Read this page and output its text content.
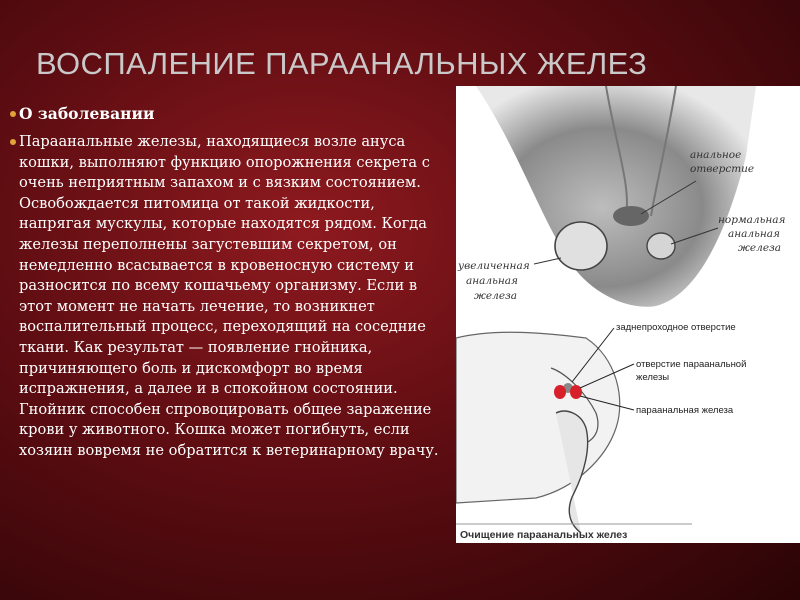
ВОСПАЛЕНИЕ ПАРААНАЛЬНЫХ ЖЕЛЕЗ
О заболевании
Параанальные железы, находящиеся возле ануса кошки, выполняют функцию опорожнения секрета с очень неприятным запахом и с вязким состоянием. Освобождается питомица от такой жидкости, напрягая мускулы, которые находятся рядом. Когда железы переполнены загустевшим секретом, он немедленно всасывается в кровеносную систему и разносится по всему кошачьему организму. Если в этот момент не начать лечение, то возникнет воспалительный процесс, переходящий на соседние ткани. Как результат — появление гнойника, причиняющего боль и дискомфорт во время испражнения, а далее и в спокойном состоянии. Гнойник способен спровоцировать общее заражение крови у животного. Кошка может погибнуть, если хозяин вовремя не обратится к ветеринарному врачу.
анальное
отверстие
нормальная
анальная
железа
увеличенная
анальная
железа
заднепроходное отверстие
отверстие параанальной
железы
параанальная железа
Очищение параанальных желез
